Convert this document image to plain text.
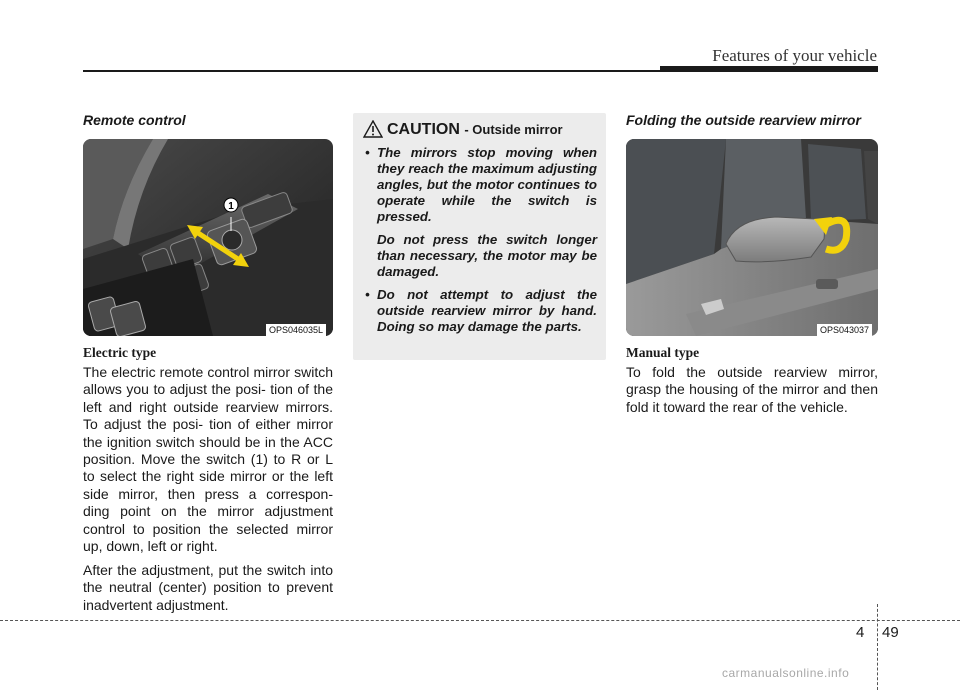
Features of your vehicle
Remote control
1
OPS046035L
Electric type

The electric remote control mirror switch allows you to adjust the posi- tion of the left and right outside rearview mirrors. To adjust the posi- tion of either mirror the ignition switch should be in the ACC position. Move the switch (1) to R or L to select the right side mirror or the left side mirror, then press a correspon- ding point on the mirror adjustment control to position the selected mirror up, down, left or right.

After the adjustment, put the switch into the neutral (center) position to prevent inadvertent adjustment.

CAUTION - Outside mirror
• The mirrors stop moving when they reach the maximum adjusting angles, but the motor continues to operate while the switch is pressed.
Do not press the switch longer than necessary, the motor may be damaged.
• Do not attempt to adjust the outside rearview mirror by hand. Doing so may damage the parts.
Folding the outside rearview mirror
OPS043037
Manual type

To fold the outside rearview mirror, grasp the housing of the mirror and then fold it toward the rear of the vehicle.

4 49
carmanualsonline.info
